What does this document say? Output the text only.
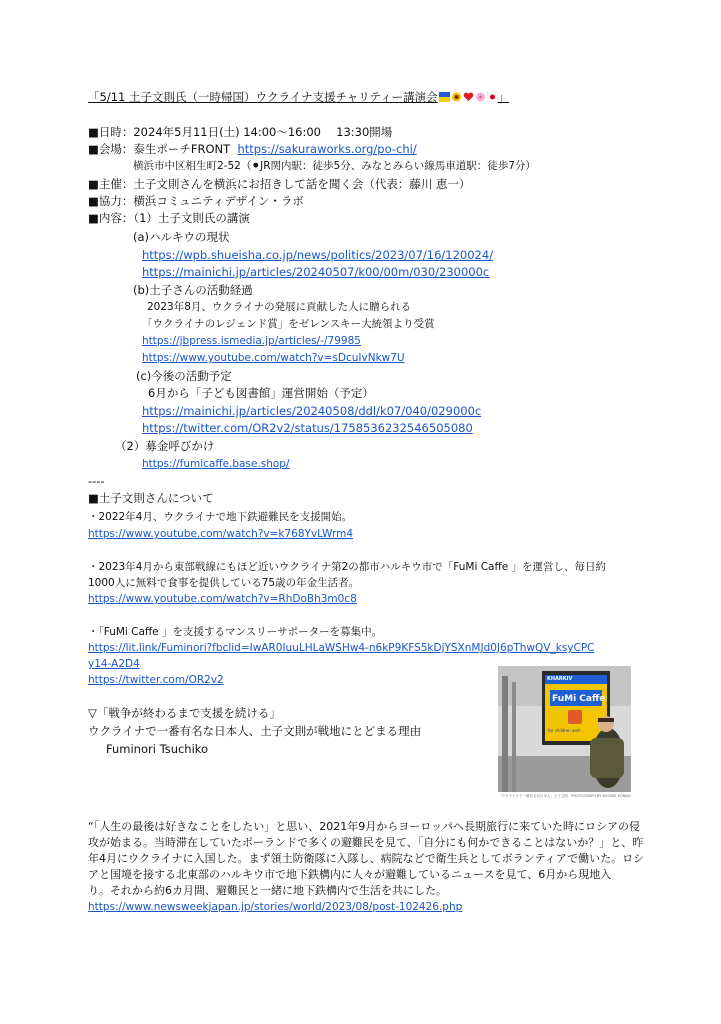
「5/11 土子文則氏（一時帰国）ウクライナ支援チャリティー講演会	」
■日時：2024年5月11日(土) 14:00〜16:00　 13:30開場
■会場：泰生ポーチFRONT https://sakuraworks.org/po-chi/
横浜市中区相生町2-52（⚫JR関内駅：徒歩5分、みなとみらい線馬車道駅：徒歩7分）
■主催：土子文則さんを横浜にお招きして話を聞く会（代表：藤川 恵一）
■協力：横浜コミュニティデザイン・ラボ
■内容：（1）土子文則氏の講演
(a)ハルキウの現状
https://wpb.shueisha.co.jp/news/politics/2023/07/16/120024/
https://mainichi.jp/articles/20240507/k00/00m/030/230000c
(b)土子さんの活動経過
2023年8月、ウクライナの発展に貢献した人に贈られる
「ウクライナのレジェンド賞」をゼレンスキー大統領より受賞
https://jbpress.ismedia.jp/articles/-/79985
https://www.youtube.com/watch?v=sDcuIvNkw7U
(c)今後の活動予定
6月から「子ども図書館」運営開始（予定）
https://mainichi.jp/articles/20240508/ddl/k07/040/029000c
https://twitter.com/OR2v2/status/1758536232546505080
（2）募金呼びかけ
https://fumicaffe.base.shop/
----
■土子文則さんについて
・2022年4月、ウクライナで地下鉄避難民を支援開始。
https://www.youtube.com/watch?v=k768YvLWrm4
・2023年4月から東部戦線にもほど近いウクライナ第2の都市ハルキウ市で「FuMi Caffe 」を運営し、毎日約
1000人に無料で食事を提供している75歳の年金生活者。
https://www.youtube.com/watch?v=RhDoBh3m0c8
・「FuMi Caffe 」を支援するマンスリーサポーターを募集中。
https://lit.link/Fuminori?fbclid=IwAR0IuuLHLaWSHw4-n6kP9KFS5kDjYSXnMJd0J6pThwQV_ksyCPC
y14-A2D4
https://twitter.com/OR2v2
▽「戦争が終わるまで支援を続ける」
ウクライナで一番有名な日本人、土子文則が戦地にとどまる理由
Fuminori Tsuchiko
KHARKIV
FuMi Caffe
for children and
「ウクライナで一番有名な日本人」土子文則　PHOTOGRAPH BY KOSUKE KONNO
“「人生の最後は好きなことをしたい」と思い、2021年9月からヨーロッパへ長期旅行に来ていた時にロシアの侵
攻が始まる。当時滞在していたポーランドで多くの避難民を見て、「自分にも何かできることはないか？」と、昨
年4月にウクライナに入国した。まず領土防衛隊に入隊し、病院などで衛生兵としてボランティアで働いた。ロシ
アと国境を接する北東部のハルキウ市で地下鉄構内に人々が避難しているニュースを見て、6月から現地入
り。それから約6カ月間、避難民と一緒に地下鉄構内で生活を共にした。
https://www.newsweekjapan.jp/stories/world/2023/08/post-102426.php
